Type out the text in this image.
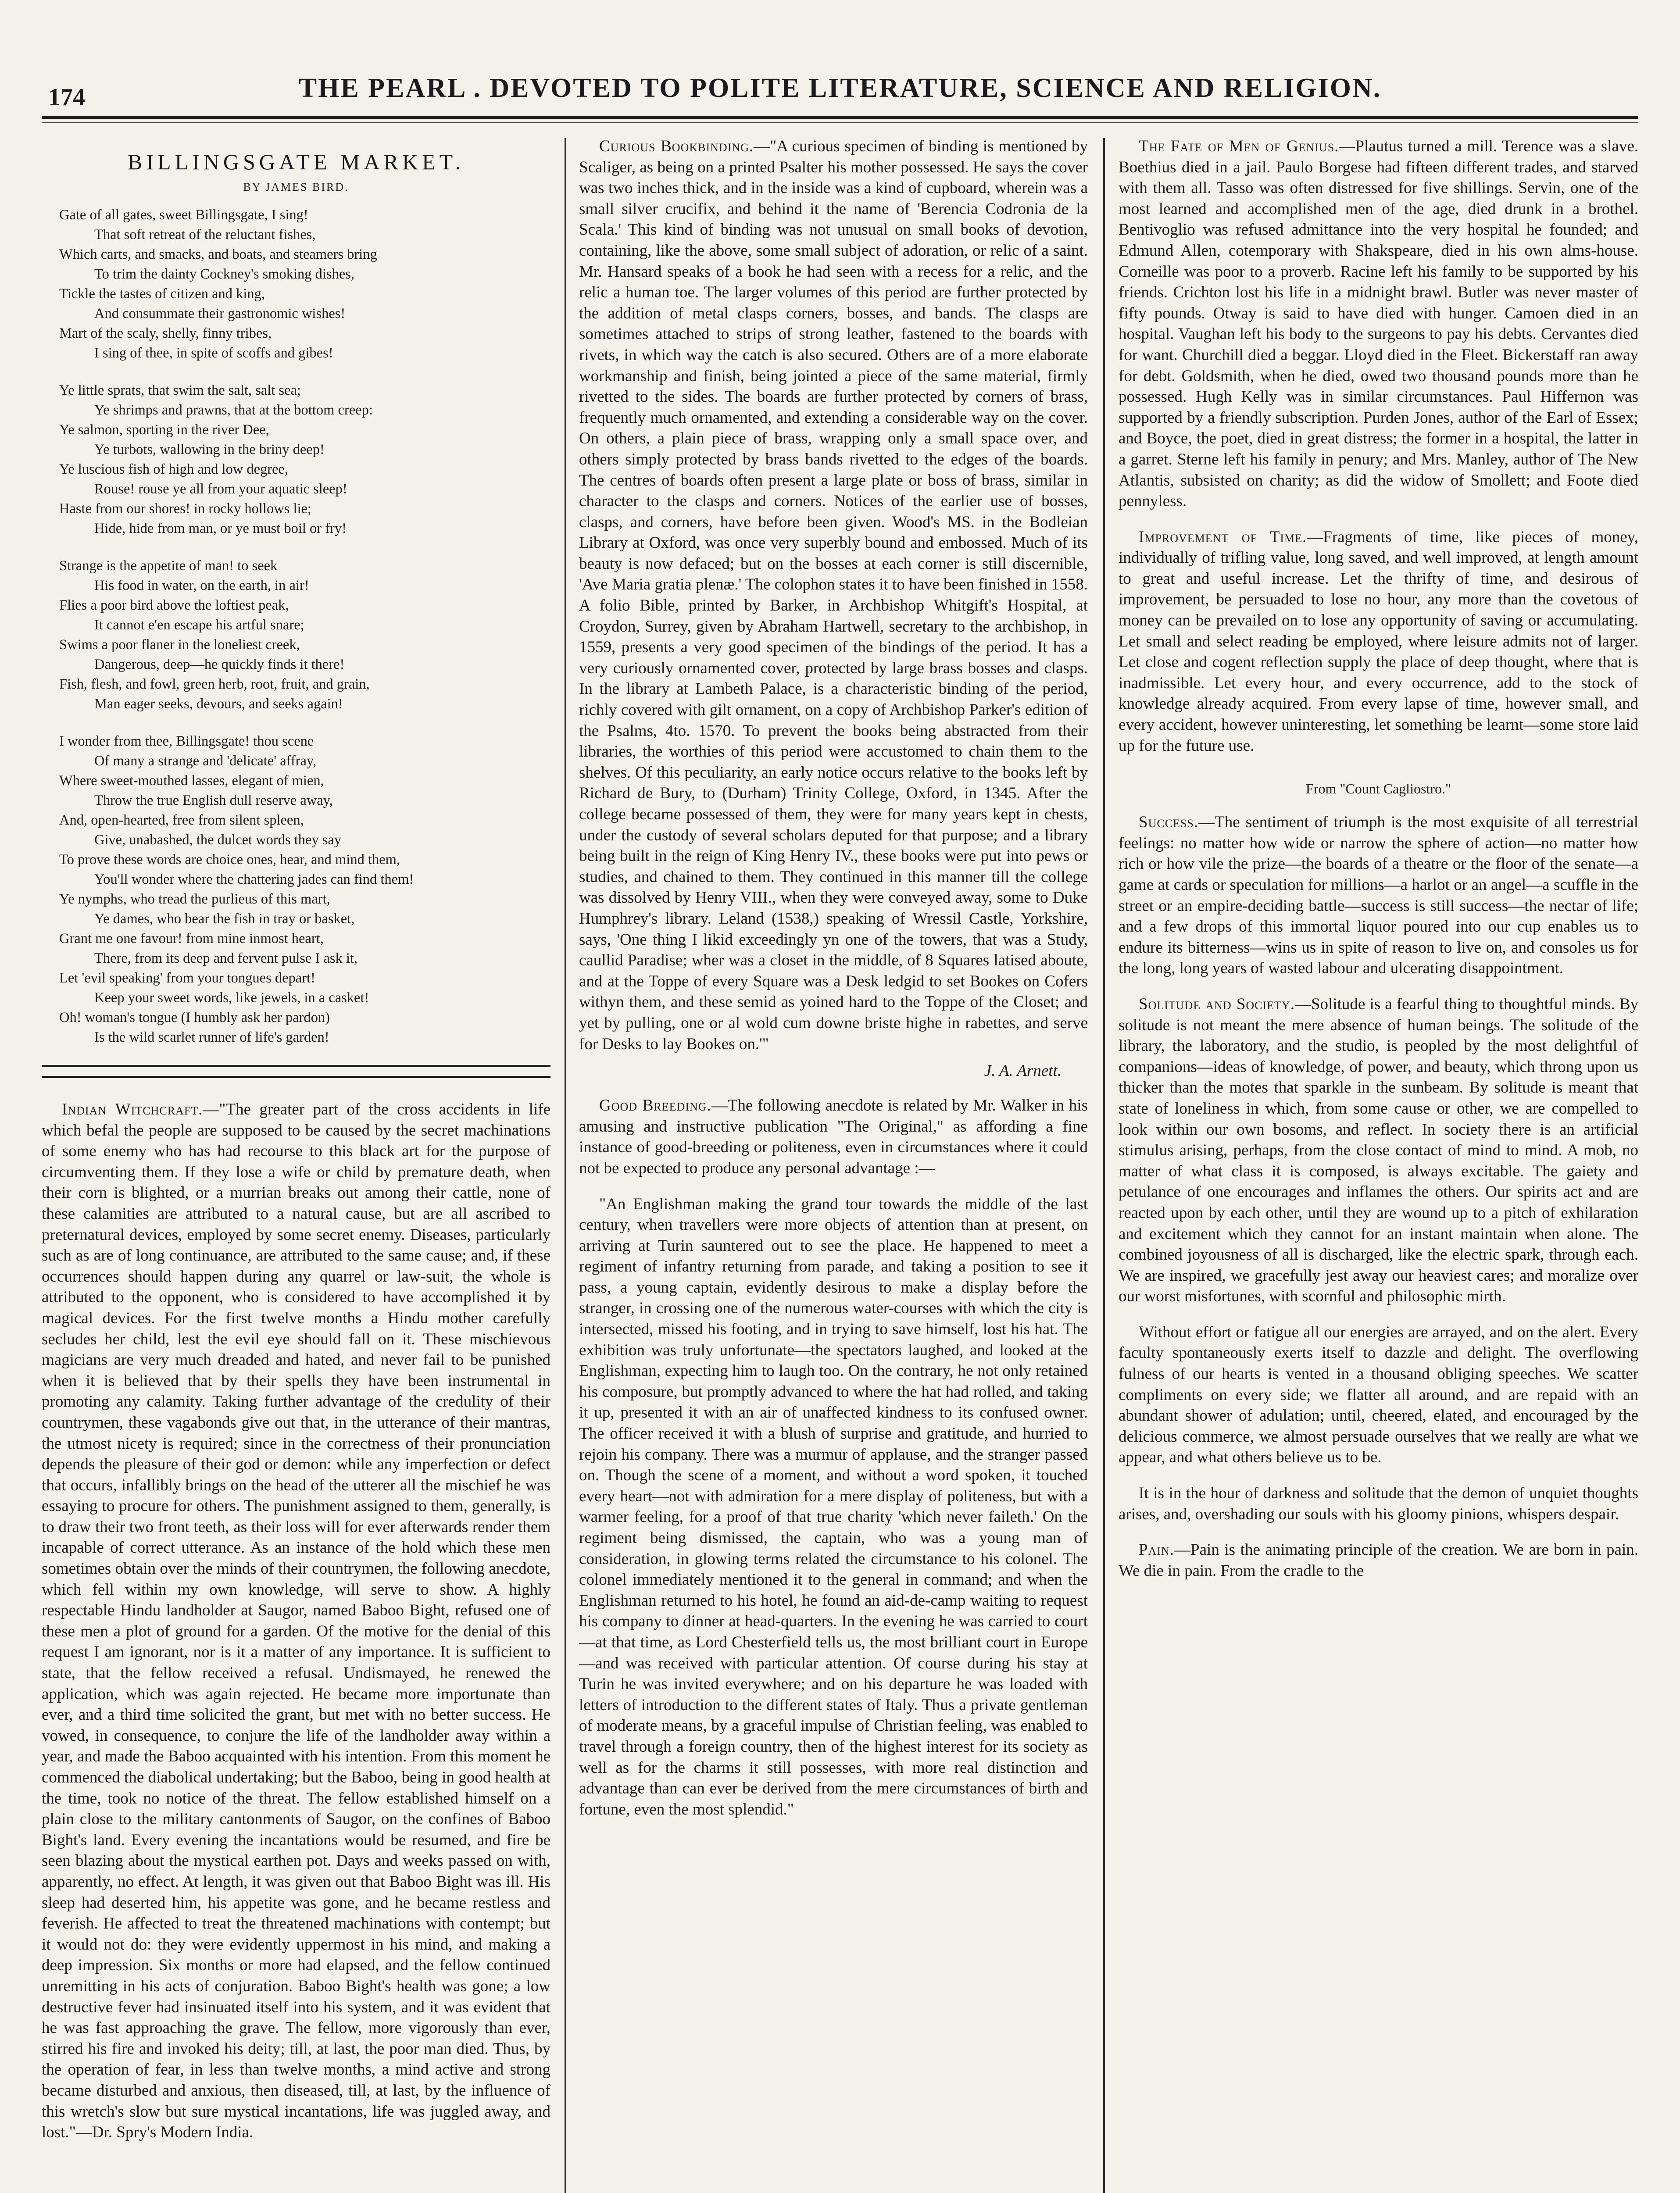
174	THE PEARL . DEVOTED TO POLITE LITERATURE, SCIENCE AND RELIGION.
BILLINGSGATE MARKET.
BY JAMES BIRD.
Gate of all gates, sweet Billingsgate, I sing!
That soft retreat of the reluctant fishes,
Which carts, and smacks, and boats, and steamers bring
To trim the dainty Cockney's smoking dishes,
Tickle the tastes of citizen and king,
And consummate their gastronomic wishes!
Mart of the scaly, shelly, finny tribes,
I sing of thee, in spite of scoffs and gibes!
Ye little sprats, that swim the salt, salt sea;
Ye shrimps and prawns, that at the bottom creep:
Ye salmon, sporting in the river Dee,
Ye turbots, wallowing in the briny deep!
Ye luscious fish of high and low degree,
Rouse! rouse ye all from your aquatic sleep!
Haste from our shores! in rocky hollows lie;
Hide, hide from man, or ye must boil or fry!
Strange is the appetite of man! to seek
His food in water, on the earth, in air!
Flies a poor bird above the loftiest peak,
It cannot e'en escape his artful snare;
Swims a poor flaner in the loneliest creek,
Dangerous, deep—he quickly finds it there!
Fish, flesh, and fowl, green herb, root, fruit, and grain,
Man eager seeks, devours, and seeks again!
I wonder from thee, Billingsgate! thou scene
Of many a strange and 'delicate' affray,
Where sweet-mouthed lasses, elegant of mien,
Throw the true English dull reserve away,
And, open-hearted, free from silent spleen,
Give, unabashed, the dulcet words they say
To prove these words are choice ones, hear, and mind them,
You'll wonder where the chattering jades can find them!
Ye nymphs, who tread the purlieus of this mart,
Ye dames, who bear the fish in tray or basket,
Grant me one favour! from mine inmost heart,
There, from its deep and fervent pulse I ask it,
Let 'evil speaking' from your tongues depart!
Keep your sweet words, like jewels, in a casket!
Oh! woman's tongue (I humbly ask her pardon)
Is the wild scarlet runner of life's garden!

Indian Witchcraft.—"The greater part of the cross accidents in life which befal the people are supposed to be caused by the secret machinations of some enemy who has had recourse to this black art for the purpose of circumventing them. If they lose a wife or child by premature death, when their corn is blighted, or a murrian breaks out among their cattle, none of these calamities are attributed to a natural cause, but are all ascribed to preternatural devices, employed by some secret enemy. Diseases, particularly such as are of long continuance, are attributed to the same cause; and, if these occurrences should happen during any quarrel or law-suit, the whole is attributed to the opponent, who is considered to have accomplished it by magical devices. For the first twelve months a Hindu mother carefully secludes her child, lest the evil eye should fall on it. These mischievous magicians are very much dreaded and hated, and never fail to be punished when it is believed that by their spells they have been instrumental in promoting any calamity. Taking further advantage of the credulity of their countrymen, these vagabonds give out that, in the utterance of their mantras, the utmost nicety is required; since in the correctness of their pronunciation depends the pleasure of their god or demon: while any imperfection or defect that occurs, infallibly brings on the head of the utterer all the mischief he was essaying to procure for others. The punishment assigned to them, generally, is to draw their two front teeth, as their loss will for ever afterwards render them incapable of correct utterance. As an instance of the hold which these men sometimes obtain over the minds of their countrymen, the following anecdote, which fell within my own knowledge, will serve to show. A highly respectable Hindu landholder at Saugor, named Baboo Bight, refused one of these men a plot of ground for a garden. Of the motive for the denial of this request I am ignorant, nor is it a matter of any importance. It is sufficient to state, that the fellow received a refusal. Undismayed, he renewed the application, which was again rejected. He became more importunate than ever, and a third time solicited the grant, but met with no better success. He vowed, in consequence, to conjure the life of the landholder away within a year, and made the Baboo acquainted with his intention. From this moment he commenced the diabolical undertaking; but the Baboo, being in good health at the time, took no notice of the threat. The fellow established himself on a plain close to the military cantonments of Saugor, on the confines of Baboo Bight's land. Every evening the incantations would be resumed, and fire be seen blazing about the mystical earthen pot. Days and weeks passed on with, apparently, no effect. At length, it was given out that Baboo Bight was ill. His sleep had deserted him, his appetite was gone, and he became restless and feverish. He affected to treat the threatened machinations with contempt; but it would not do: they were evidently uppermost in his mind, and making a deep impression. Six months or more had elapsed, and the fellow continued unremitting in his acts of conjuration. Baboo Bight's health was gone; a low destructive fever had insinuated itself into his system, and it was evident that he was fast approaching the grave. The fellow, more vigorously than ever, stirred his fire and invoked his deity; till, at last, the poor man died. Thus, by the operation of fear, in less than twelve months, a mind active and strong became disturbed and anxious, then diseased, till, at last, by the influence of this wretch's slow but sure mystical incantations, life was juggled away, and lost."—Dr. Spry's Modern India.

Curious Bookbinding.—"A curious specimen of binding is mentioned by Scaliger, as being on a printed Psalter his mother possessed. He says the cover was two inches thick, and in the inside was a kind of cupboard, wherein was a small silver crucifix, and behind it the name of 'Berencia Codronia de la Scala.' This kind of binding was not unusual on small books of devotion, containing, like the above, some small subject of adoration, or relic of a saint. Mr. Hansard speaks of a book he had seen with a recess for a relic, and the relic a human toe. The larger volumes of this period are further protected by the addition of metal clasps corners, bosses, and bands. The clasps are sometimes attached to strips of strong leather, fastened to the boards with rivets, in which way the catch is also secured. Others are of a more elaborate workmanship and finish, being jointed a piece of the same material, firmly rivetted to the sides. The boards are further protected by corners of brass, frequently much ornamented, and extending a considerable way on the cover. On others, a plain piece of brass, wrapping only a small space over, and others simply protected by brass bands rivetted to the edges of the boards. The centres of boards often present a large plate or boss of brass, similar in character to the clasps and corners. Notices of the earlier use of bosses, clasps, and corners, have before been given. Wood's MS. in the Bodleian Library at Oxford, was once very superbly bound and embossed. Much of its beauty is now defaced; but on the bosses at each corner is still discernible, 'Ave Maria gratia plenæ.' The colophon states it to have been finished in 1558. A folio Bible, printed by Barker, in Archbishop Whitgift's Hospital, at Croydon, Surrey, given by Abraham Hartwell, secretary to the archbishop, in 1559, presents a very good specimen of the bindings of the period. It has a very curiously ornamented cover, protected by large brass bosses and clasps. In the library at Lambeth Palace, is a characteristic binding of the period, richly covered with gilt ornament, on a copy of Archbishop Parker's edition of the Psalms, 4to. 1570. To prevent the books being abstracted from their libraries, the worthies of this period were accustomed to chain them to the shelves. Of this peculiarity, an early notice occurs relative to the books left by Richard de Bury, to (Durham) Trinity College, Oxford, in 1345. After the college became possessed of them, they were for many years kept in chests, under the custody of several scholars deputed for that purpose; and a library being built in the reign of King Henry IV., these books were put into pews or studies, and chained to them. They continued in this manner till the college was dissolved by Henry VIII., when they were conveyed away, some to Duke Humphrey's library. Leland (1538,) speaking of Wressil Castle, Yorkshire, says, 'One thing I likid exceedingly yn one of the towers, that was a Study, caullid Paradise; wher was a closet in the middle, of 8 Squares latised aboute, and at the Toppe of every Square was a Desk ledgid to set Bookes on Cofers withyn them, and these semid as yoined hard to the Toppe of the Closet; and yet by pulling, one or al wold cum downe briste highe in rabettes, and serve for Desks to lay Bookes on.'"

J. A. Arnett.

Good Breeding.—The following anecdote is related by Mr. Walker in his amusing and instructive publication "The Original," as affording a fine instance of good-breeding or politeness, even in circumstances where it could not be expected to produce any personal advantage :—

"An Englishman making the grand tour towards the middle of the last century, when travellers were more objects of attention than at present, on arriving at Turin sauntered out to see the place. He happened to meet a regiment of infantry returning from parade, and taking a position to see it pass, a young captain, evidently desirous to make a display before the stranger, in crossing one of the numerous water-courses with which the city is intersected, missed his footing, and in trying to save himself, lost his hat. The exhibition was truly unfortunate—the spectators laughed, and looked at the Englishman, expecting him to laugh too. On the contrary, he not only retained his composure, but promptly advanced to where the hat had rolled, and taking it up, presented it with an air of unaffected kindness to its confused owner. The officer received it with a blush of surprise and gratitude, and hurried to rejoin his company. There was a murmur of applause, and the stranger passed on. Though the scene of a moment, and without a word spoken, it touched every heart—not with admiration for a mere display of politeness, but with a warmer feeling, for a proof of that true charity 'which never faileth.' On the regiment being dismissed, the captain, who was a young man of consideration, in glowing terms related the circumstance to his colonel. The colonel immediately mentioned it to the general in command; and when the Englishman returned to his hotel, he found an aid-de-camp waiting to request his company to dinner at head-quarters. In the evening he was carried to court—at that time, as Lord Chesterfield tells us, the most brilliant court in Europe—and was received with particular attention. Of course during his stay at Turin he was invited everywhere; and on his departure he was loaded with letters of introduction to the different states of Italy. Thus a private gentleman of moderate means, by a graceful impulse of Christian feeling, was enabled to travel through a foreign country, then of the highest interest for its society as well as for the charms it still possesses, with more real distinction and advantage than can ever be derived from the mere circumstances of birth and fortune, even the most splendid."

The Fate of Men of Genius.—Plautus turned a mill. Terence was a slave. Boethius died in a jail. Paulo Borgese had fifteen different trades, and starved with them all. Tasso was often distressed for five shillings. Servin, one of the most learned and accomplished men of the age, died drunk in a brothel. Bentivoglio was refused admittance into the very hospital he founded; and Edmund Allen, cotemporary with Shakspeare, died in his own alms-house. Corneille was poor to a proverb. Racine left his family to be supported by his friends. Crichton lost his life in a midnight brawl. Butler was never master of fifty pounds. Otway is said to have died with hunger. Camoen died in an hospital. Vaughan left his body to the surgeons to pay his debts. Cervantes died for want. Churchill died a beggar. Lloyd died in the Fleet. Bickerstaff ran away for debt. Goldsmith, when he died, owed two thousand pounds more than he possessed. Hugh Kelly was in similar circumstances. Paul Hiffernon was supported by a friendly subscription. Purden Jones, author of the Earl of Essex; and Boyce, the poet, died in great distress; the former in a hospital, the latter in a garret. Sterne left his family in penury; and Mrs. Manley, author of The New Atlantis, subsisted on charity; as did the widow of Smollett; and Foote died pennyless.

Improvement of Time.—Fragments of time, like pieces of money, individually of trifling value, long saved, and well improved, at length amount to great and useful increase. Let the thrifty of time, and desirous of improvement, be persuaded to lose no hour, any more than the covetous of money can be prevailed on to lose any opportunity of saving or accumulating. Let small and select reading be employed, where leisure admits not of larger. Let close and cogent reflection supply the place of deep thought, where that is inadmissible. Let every hour, and every occurrence, add to the stock of knowledge already acquired. From every lapse of time, however small, and every accident, however uninteresting, let something be learnt—some store laid up for the future use.

From "Count Cagliostro."

Success.—The sentiment of triumph is the most exquisite of all terrestrial feelings: no matter how wide or narrow the sphere of action—no matter how rich or how vile the prize—the boards of a theatre or the floor of the senate—a game at cards or speculation for millions—a harlot or an angel—a scuffle in the street or an empire-deciding battle—success is still success—the nectar of life; and a few drops of this immortal liquor poured into our cup enables us to endure its bitterness—wins us in spite of reason to live on, and consoles us for the long, long years of wasted labour and ulcerating disappointment.

Solitude and Society.—Solitude is a fearful thing to thoughtful minds. By solitude is not meant the mere absence of human beings. The solitude of the library, the laboratory, and the studio, is peopled by the most delightful of companions—ideas of knowledge, of power, and beauty, which throng upon us thicker than the motes that sparkle in the sunbeam. By solitude is meant that state of loneliness in which, from some cause or other, we are compelled to look within our own bosoms, and reflect. In society there is an artificial stimulus arising, perhaps, from the close contact of mind to mind. A mob, no matter of what class it is composed, is always excitable. The gaiety and petulance of one encourages and inflames the others. Our spirits act and are reacted upon by each other, until they are wound up to a pitch of exhilaration and excitement which they cannot for an instant maintain when alone. The combined joyousness of all is discharged, like the electric spark, through each. We are inspired, we gracefully jest away our heaviest cares; and moralize over our worst misfortunes, with scornful and philosophic mirth.

Without effort or fatigue all our energies are arrayed, and on the alert. Every faculty spontaneously exerts itself to dazzle and delight. The overflowing fulness of our hearts is vented in a thousand obliging speeches. We scatter compliments on every side; we flatter all around, and are repaid with an abundant shower of adulation; until, cheered, elated, and encouraged by the delicious commerce, we almost persuade ourselves that we really are what we appear, and what others believe us to be.

It is in the hour of darkness and solitude that the demon of unquiet thoughts arises, and, overshading our souls with his gloomy pinions, whispers despair.

Pain.—Pain is the animating principle of the creation. We are born in pain. We die in pain. From the cradle to the
